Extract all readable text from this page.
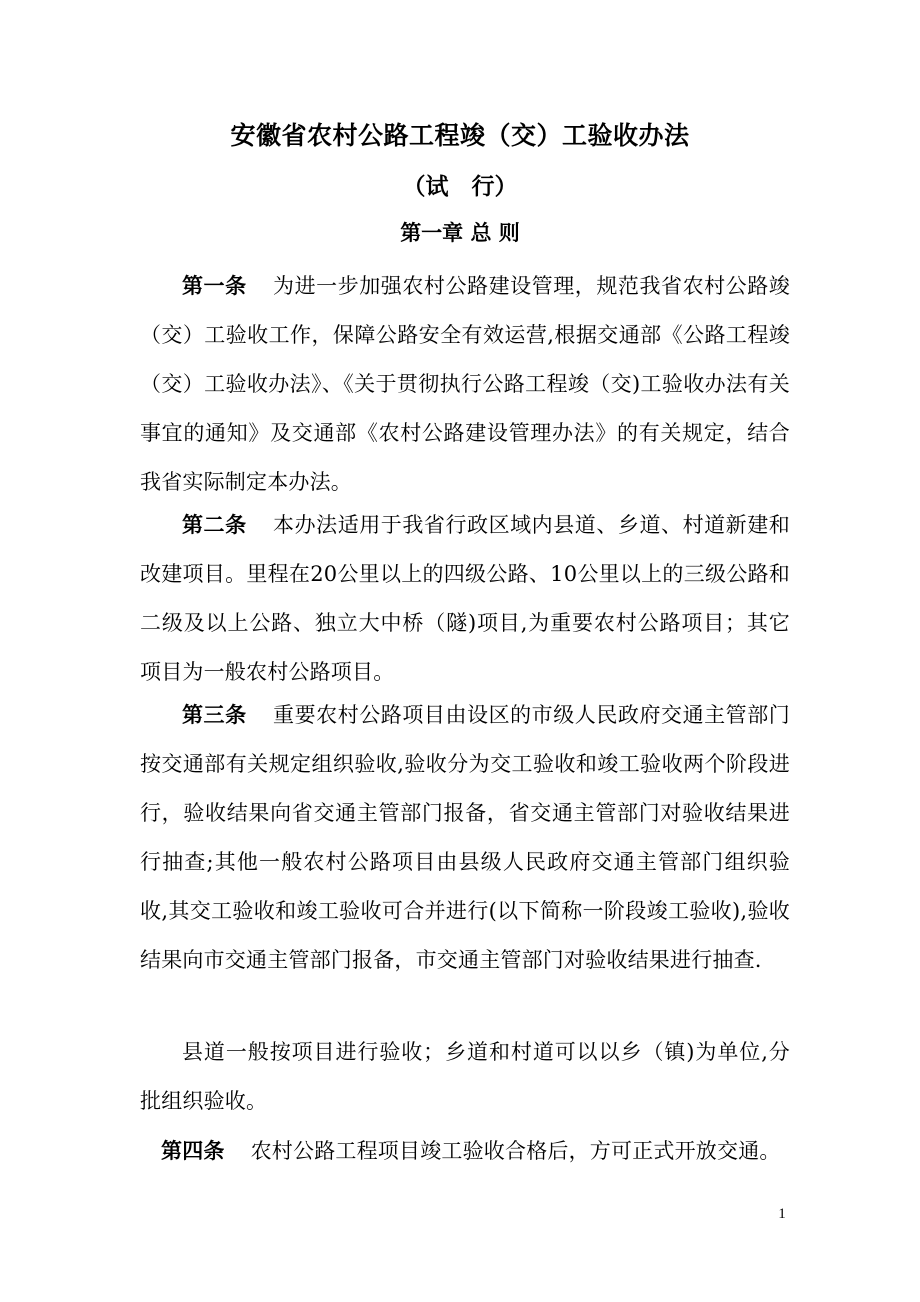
安徽省农村公路工程竣（交）工验收办法
（试　行）
第一章 总 则
第一条 为进一步加强农村公路建设管理，规范我省农村公路竣（交）工验收工作，保障公路安全有效运营,根据交通部《公路工程竣（交）工验收办法》、《关于贯彻执行公路工程竣（交)工验收办法有关事宜的通知》及交通部《农村公路建设管理办法》的有关规定，结合我省实际制定本办法。
第二条 本办法适用于我省行政区域内县道、乡道、村道新建和改建项目。里程在20公里以上的四级公路、10公里以上的三级公路和二级及以上公路、独立大中桥（隧)项目,为重要农村公路项目；其它项目为一般农村公路项目。
第三条 重要农村公路项目由设区的市级人民政府交通主管部门按交通部有关规定组织验收,验收分为交工验收和竣工验收两个阶段进行，验收结果向省交通主管部门报备，省交通主管部门对验收结果进行抽查;其他一般农村公路项目由县级人民政府交通主管部门组织验收,其交工验收和竣工验收可合并进行(以下简称一阶段竣工验收),验收结果向市交通主管部门报备，市交通主管部门对验收结果进行抽查.
县道一般按项目进行验收；乡道和村道可以以乡（镇)为单位,分批组织验收。
第四条 农村公路工程项目竣工验收合格后，方可正式开放交通。
1
